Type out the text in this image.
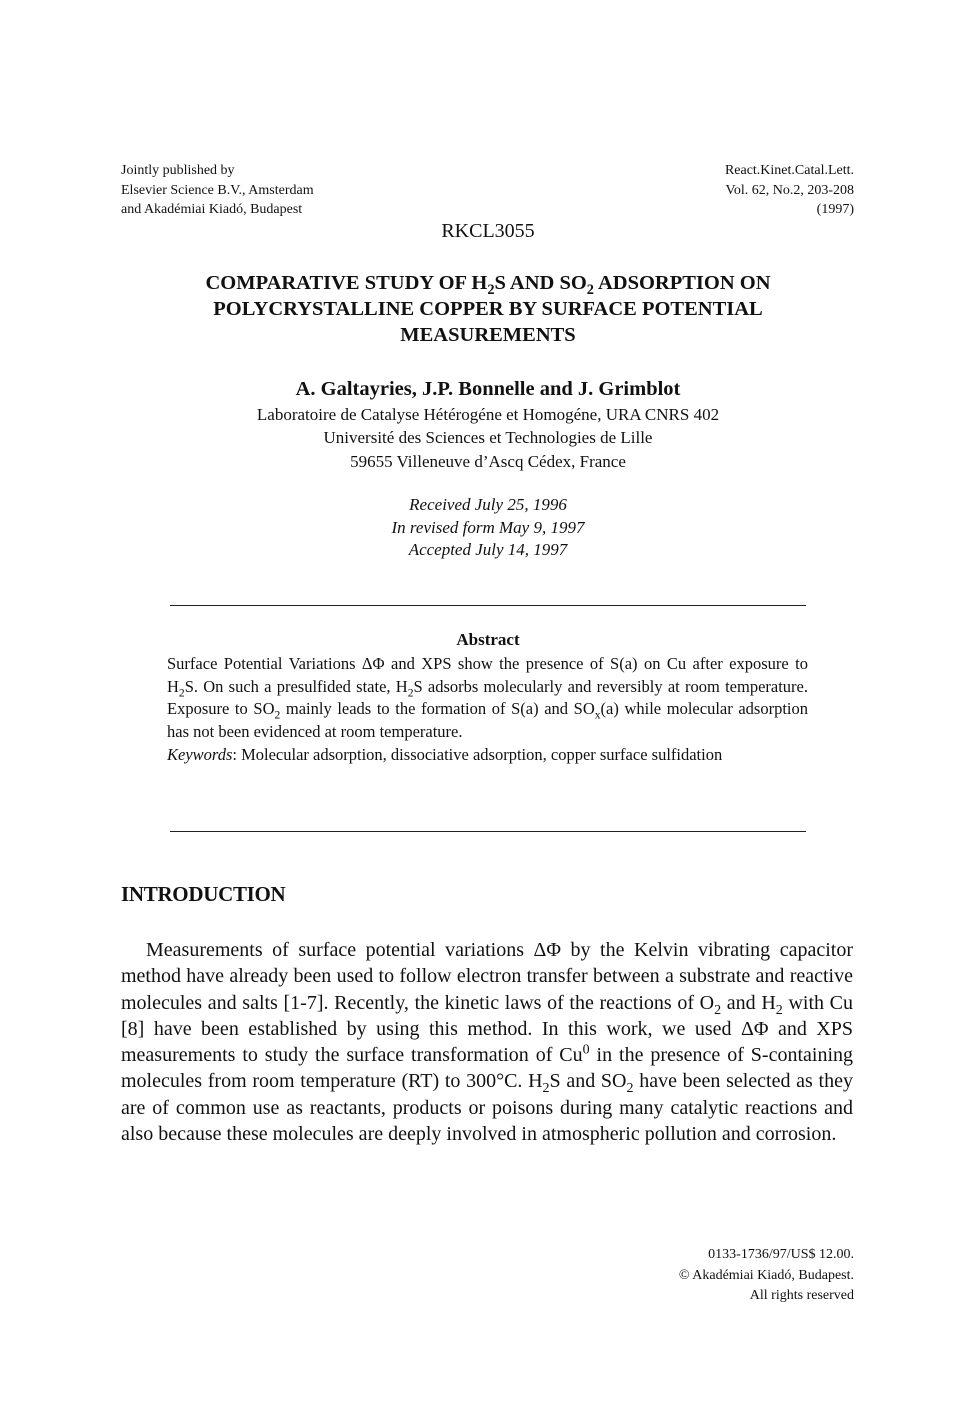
Jointly published by
Elsevier Science B.V., Amsterdam
and Akadémiai Kiadó, Budapest
React.Kinet.Catal.Lett.
Vol. 62, No.2, 203-208
(1997)
RKCL3055
COMPARATIVE STUDY OF $H_2S$ AND $SO_2$ ADSORPTION ON POLYCRYSTALLINE COPPER BY SURFACE POTENTIAL MEASUREMENTS
A. Galtayries, J.P. Bonnelle and J. Grimblot
Laboratoire de Catalyse Hétérogéne et Homogéne, URA CNRS 402
Université des Sciences et Technologies de Lille
59655 Villeneuve d’Ascq Cédex, France
Received July 25, 1996
In revised form May 9, 1997
Accepted July 14, 1997
Abstract

Surface Potential Variations ΔΦ and XPS show the presence of S(a) on Cu after exposure to $H_2S$. On such a presulfided state, $H_2S$ adsorbs molecularly and reversibly at room temperature. Exposure to $SO_2$ mainly leads to the formation of S(a) and $SO_x(a)$ while molecular adsorption has not been evidenced at room temperature.

Keywords: Molecular adsorption, dissociative adsorption, copper surface sulfidation

INTRODUCTION

Measurements of surface potential variations ΔΦ by the Kelvin vibrating capacitor method have already been used to follow electron transfer between a substrate and reactive molecules and salts [1-7]. Recently, the kinetic laws of the reactions of $O_2$ and $H_2$ with Cu [8] have been established by using this method. In this work, we used ΔΦ and XPS measurements to study the surface transformation of Cu$^0$ in the presence of S-containing molecules from room temperature (RT) to 300°C. $H_2S$ and $SO_2$ have been selected as they are of common use as reactants, products or poisons during many catalytic reactions and also because these molecules are deeply involved in atmospheric pollution and corrosion.

0133-1736/97/US$ 12.00.
© Akadémiai Kiadó, Budapest.
All rights reserved
